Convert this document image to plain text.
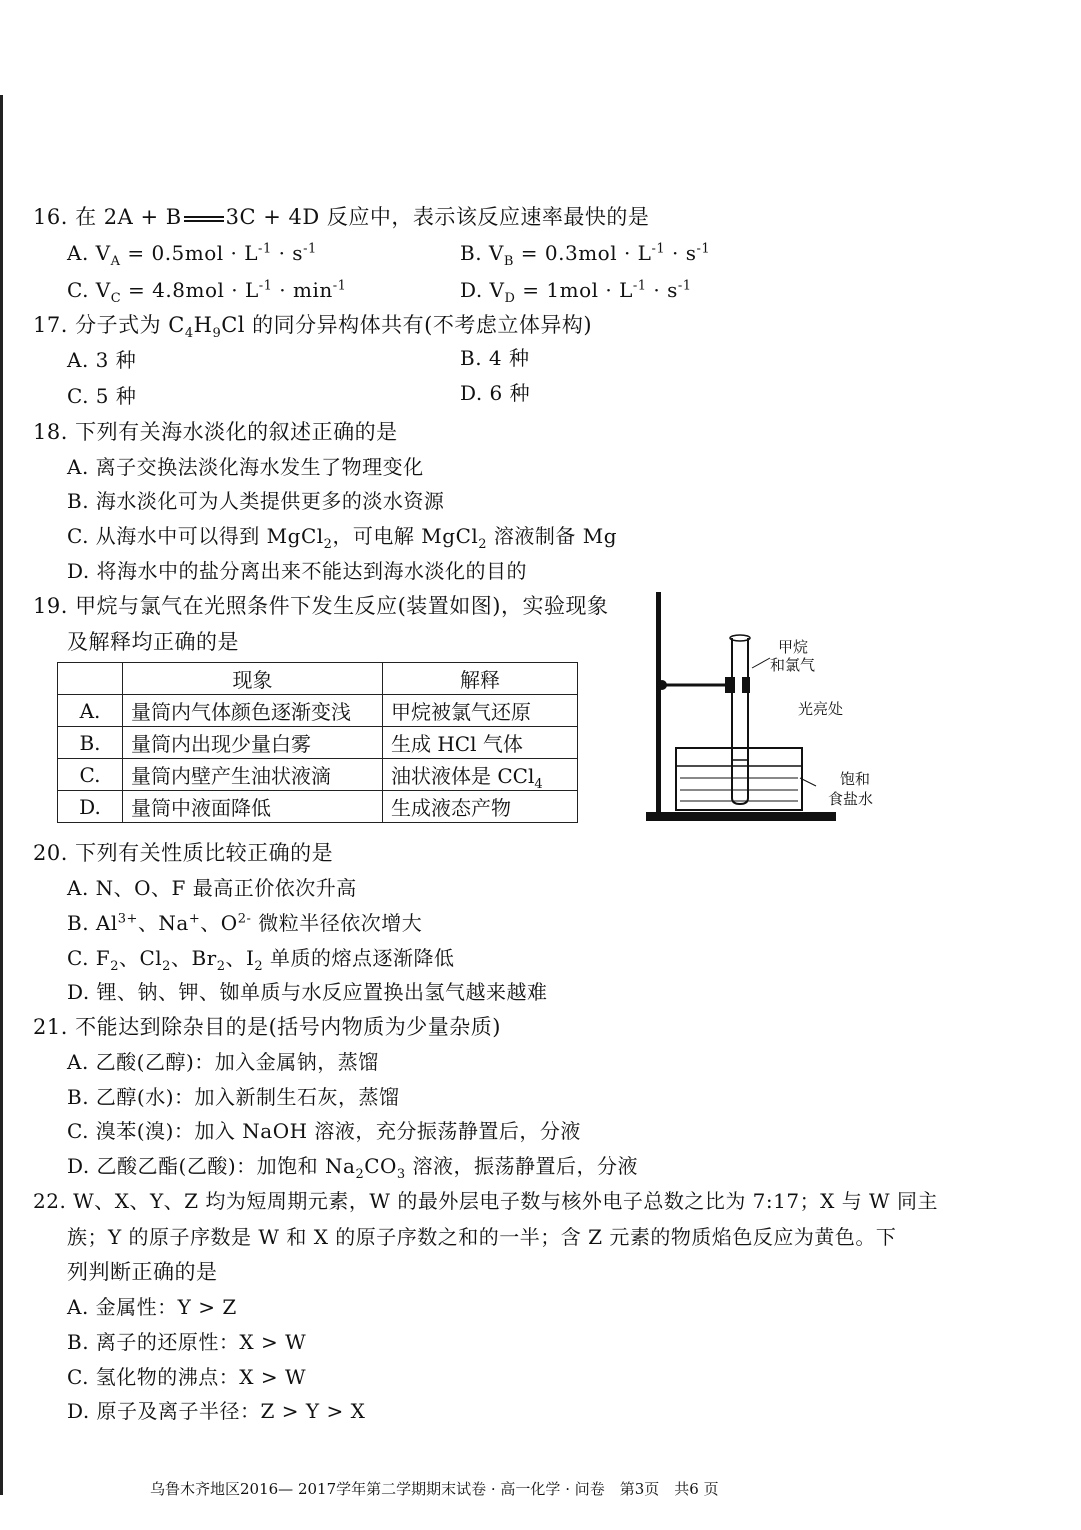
16. 在 2A + B 3C + 4D 反应中，表示该反应速率最快的是
A. $V_A = 0.5mol \cdot L^{-1} \cdot s^{-1}$	B. $V_B = 0.3mol \cdot L^{-1} \cdot s^{-1}$
C. $V_C = 4.8mol \cdot L^{-1} \cdot \min^{-1}$	D. $V_D = 1mol \cdot L^{-1} \cdot s^{-1}$
17. 分子式为 $C_4H_9Cl$ 的同分异构体共有(不考虑立体异构)
A. 3 种	B. 4 种
C. 5 种	D. 6 种
18. 下列有关海水淡化的叙述正确的是
A. 离子交换法淡化海水发生了物理变化
B. 海水淡化可为人类提供更多的淡水资源
C. 从海水中可以得到 MgCl$_2$，可电解 MgCl$_2$ 溶液制备 Mg
D. 将海水中的盐分离出来不能达到海水淡化的目的
19. 甲烷与氯气在光照条件下发生反应(装置如图)，实验现象
及解释均正确的是
	现象	解释
A.	量筒内气体颜色逐渐变浅	甲烷被氯气还原
B.	量筒内出现少量白雾	生成 HCl 气体
C.	量筒内壁产生油状液滴	油状液体是 CCl$_4$
D.	量筒中液面降低	生成液态产物
甲烷
和氯气
光亮处
饱和
食盐水
20. 下列有关性质比较正确的是
A. N、O、F 最高正价依次升高
B. $Al^{3+}$、Na+、$O^{2-}$ 微粒半径依次增大
C. $F_2$、$Cl_2$、$Br_2$、$I_2$ 单质的熔点逐渐降低
D. 锂、钠、钾、铷单质与水反应置换出氢气越来越难
21. 不能达到除杂目的是(括号内物质为少量杂质)
A. 乙酸(乙醇)：加入金属钠，蒸馏
B. 乙醇(水)：加入新制生石灰，蒸馏
C. 溴苯(溴)：加入 NaOH 溶液，充分振荡静置后，分液
D. 乙酸乙酯(乙酸)：加饱和 $Na_2CO_3$ 溶液，振荡静置后，分液
22. W、X、Y、Z 均为短周期元素，W 的最外层电子数与核外电子总数之比为 7:17；X 与 W 同主
族；Y 的原子序数是 W 和 X 的原子序数之和的一半；含 Z 元素的物质焰色反应为黄色。下
列判断正确的是
A. 金属性：Y > Z
B. 离子的还原性：X > W
C. 氢化物的沸点：X > W
D. 原子及离子半径：Z > Y > X
乌鲁木齐地区2016— 2017学年第二学期期末试卷 · 高一化学 · 问卷　第3页　共6 页
